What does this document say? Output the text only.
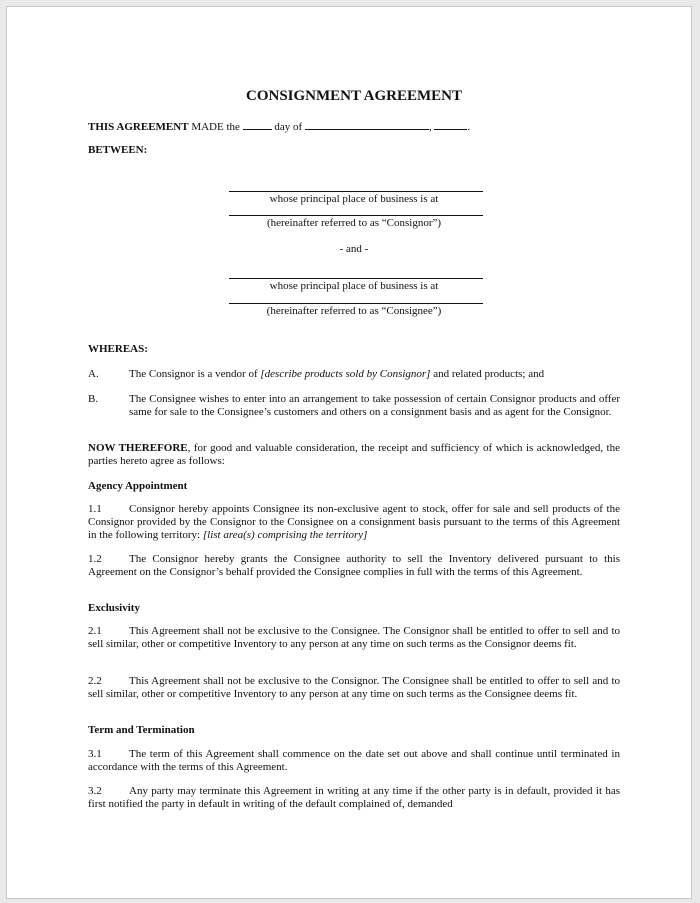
CONSIGNMENT AGREEMENT
THIS AGREEMENT MADE the	day of	,	.
BETWEEN:
whose principal place of business is at
(hereinafter referred to as “Consignor”)
- and -
whose principal place of business is at
(hereinafter referred to as “Consignee”)
WHEREAS:
A.	The Consignor is a vendor of [describe products sold by Consignor] and related products; and
B.	The Consignee wishes to enter into an arrangement to take possession of certain Consignor products and offer same for sale to the Consignee’s customers and others on a consignment basis and as agent for the Consignor.
NOW THEREFORE, for good and valuable consideration, the receipt and sufficiency of which is acknowledged, the parties hereto agree as follows:
Agency Appointment
1.1 Consignor hereby appoints Consignee its non-exclusive agent to stock, offer for sale and sell products of the Consignor provided by the Consignor to the Consignee on a consignment basis pursuant to the terms of this Agreement in the following territory: [list area(s) comprising the territory]
1.2 The Consignor hereby grants the Consignee authority to sell the Inventory delivered pursuant to this Agreement on the Consignor’s behalf provided the Consignee complies in full with the terms of this Agreement.
Exclusivity
2.1 This Agreement shall not be exclusive to the Consignee. The Consignor shall be entitled to offer to sell and to sell similar, other or competitive Inventory to any person at any time on such terms as the Consignor deems fit.
2.2 This Agreement shall not be exclusive to the Consignor. The Consignee shall be entitled to offer to sell and to sell similar, other or competitive Inventory to any person at any time on such terms as the Consignee deems fit.
Term and Termination
3.1 The term of this Agreement shall commence on the date set out above and shall continue until terminated in accordance with the terms of this Agreement.
3.2 Any party may terminate this Agreement in writing at any time if the other party is in default, provided it has first notified the party in default in writing of the default complained of, demanded
